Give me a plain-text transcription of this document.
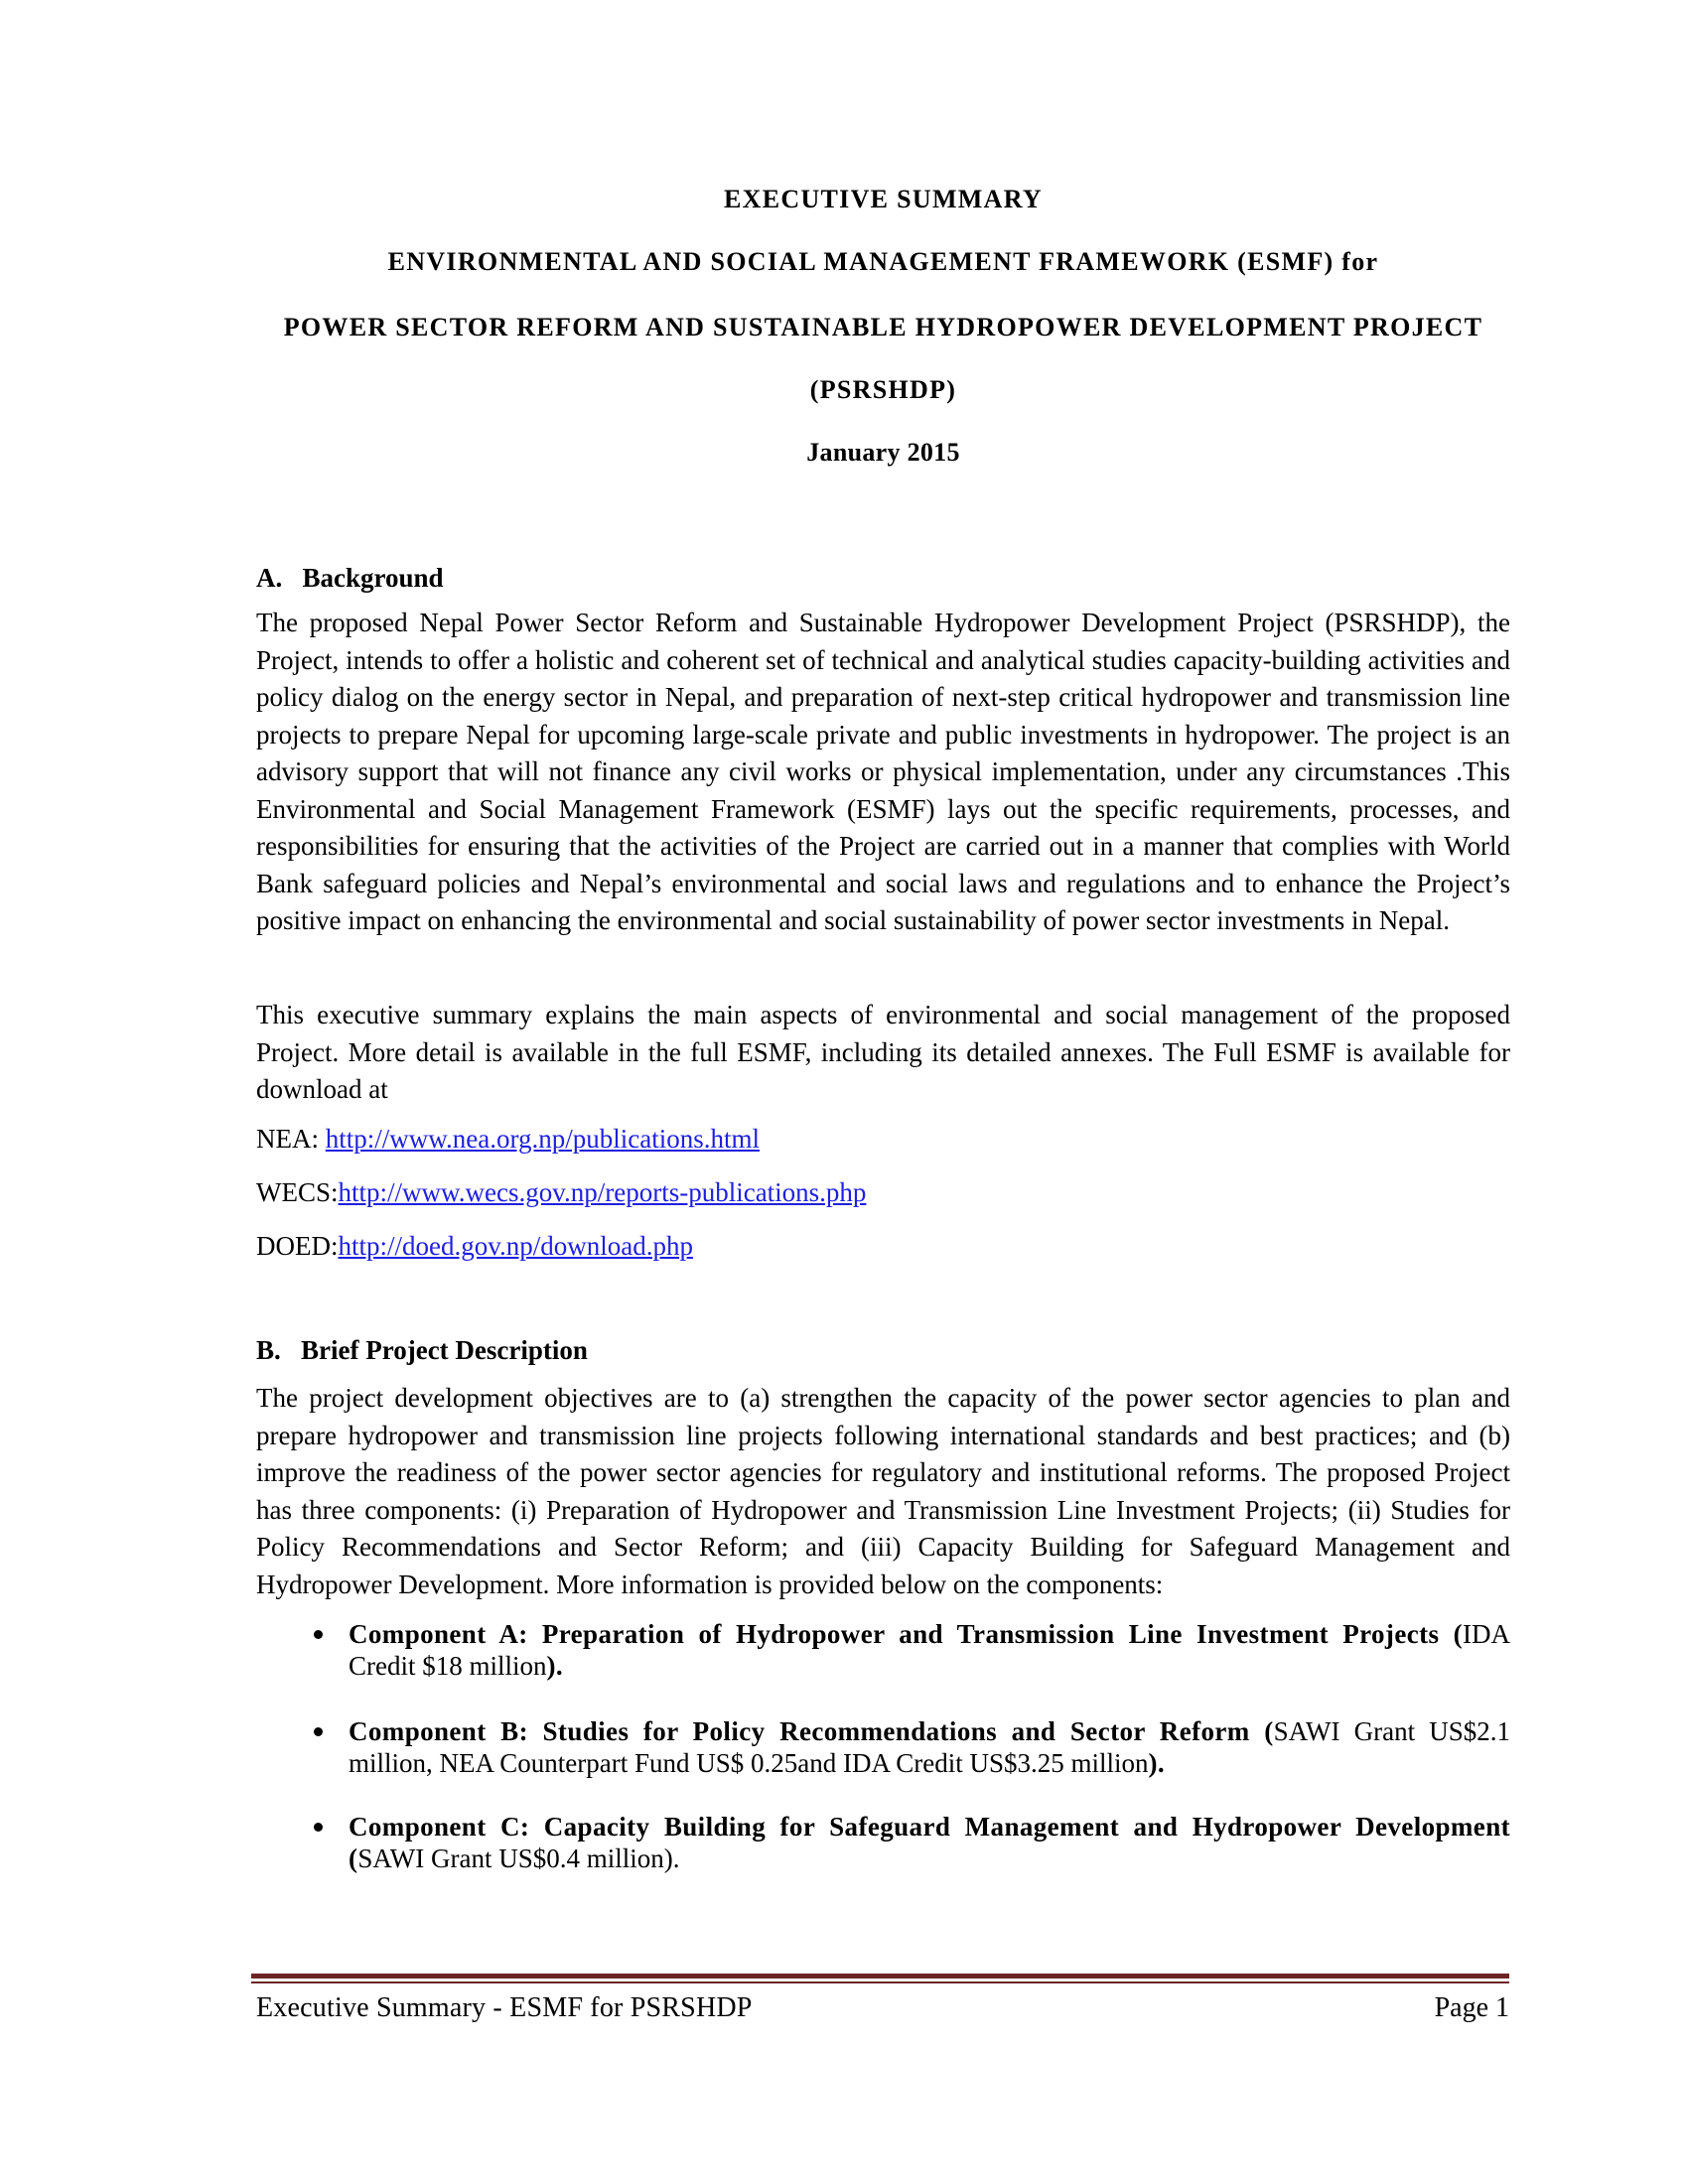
EXECUTIVE SUMMARY
ENVIRONMENTAL AND SOCIAL MANAGEMENT FRAMEWORK (ESMF) for
POWER SECTOR REFORM AND SUSTAINABLE HYDROPOWER DEVELOPMENT PROJECT
(PSRSHDP)
January 2015
A.   Background

The proposed Nepal Power Sector Reform and Sustainable Hydropower Development Project (PSRSHDP), the Project, intends to offer a holistic and coherent set of technical and analytical studies capacity-building activities and policy dialog on the energy sector in Nepal, and preparation of next-step critical hydropower and transmission line projects to prepare Nepal for upcoming large-scale private and public investments in hydropower. The project is an advisory support that will not finance any civil works or physical implementation, under any circumstances .This Environmental and Social Management Framework (ESMF) lays out the specific requirements, processes, and responsibilities for ensuring that the activities of the Project are carried out in a manner that complies with World Bank safeguard policies and Nepal’s environmental and social laws and regulations and to enhance the Project’s positive impact on enhancing the environmental and social sustainability of power sector investments in Nepal.

This executive summary explains the main aspects of environmental and social management of the proposed Project. More detail is available in the full ESMF, including its detailed annexes. The Full ESMF is available for download at

NEA: http://www.nea.org.np/publications.html
WECS:http://www.wecs.gov.np/reports-publications.php
DOED:http://doed.gov.np/download.php
B.   Brief Project Description

The project development objectives are to (a) strengthen the capacity of the power sector agencies to plan and prepare hydropower and transmission line projects following international standards and best practices; and (b) improve the readiness of the power sector agencies for regulatory and institutional reforms. The proposed Project has three components: (i) Preparation of Hydropower and Transmission Line Investment Projects; (ii) Studies for Policy Recommendations and Sector Reform; and (iii) Capacity Building for Safeguard Management and Hydropower Development. More information is provided below on the components:

Component A: Preparation of Hydropower and Transmission Line Investment Projects (IDA Credit $18 million).

Component B: Studies for Policy Recommendations and Sector Reform (SAWI Grant US$2.1 million, NEA Counterpart Fund US$ 0.25and IDA Credit US$3.25 million).

Component C: Capacity Building for Safeguard Management and Hydropower Development (SAWI Grant US$0.4 million).

Executive Summary - ESMF for PSRSHDP	Page 1
